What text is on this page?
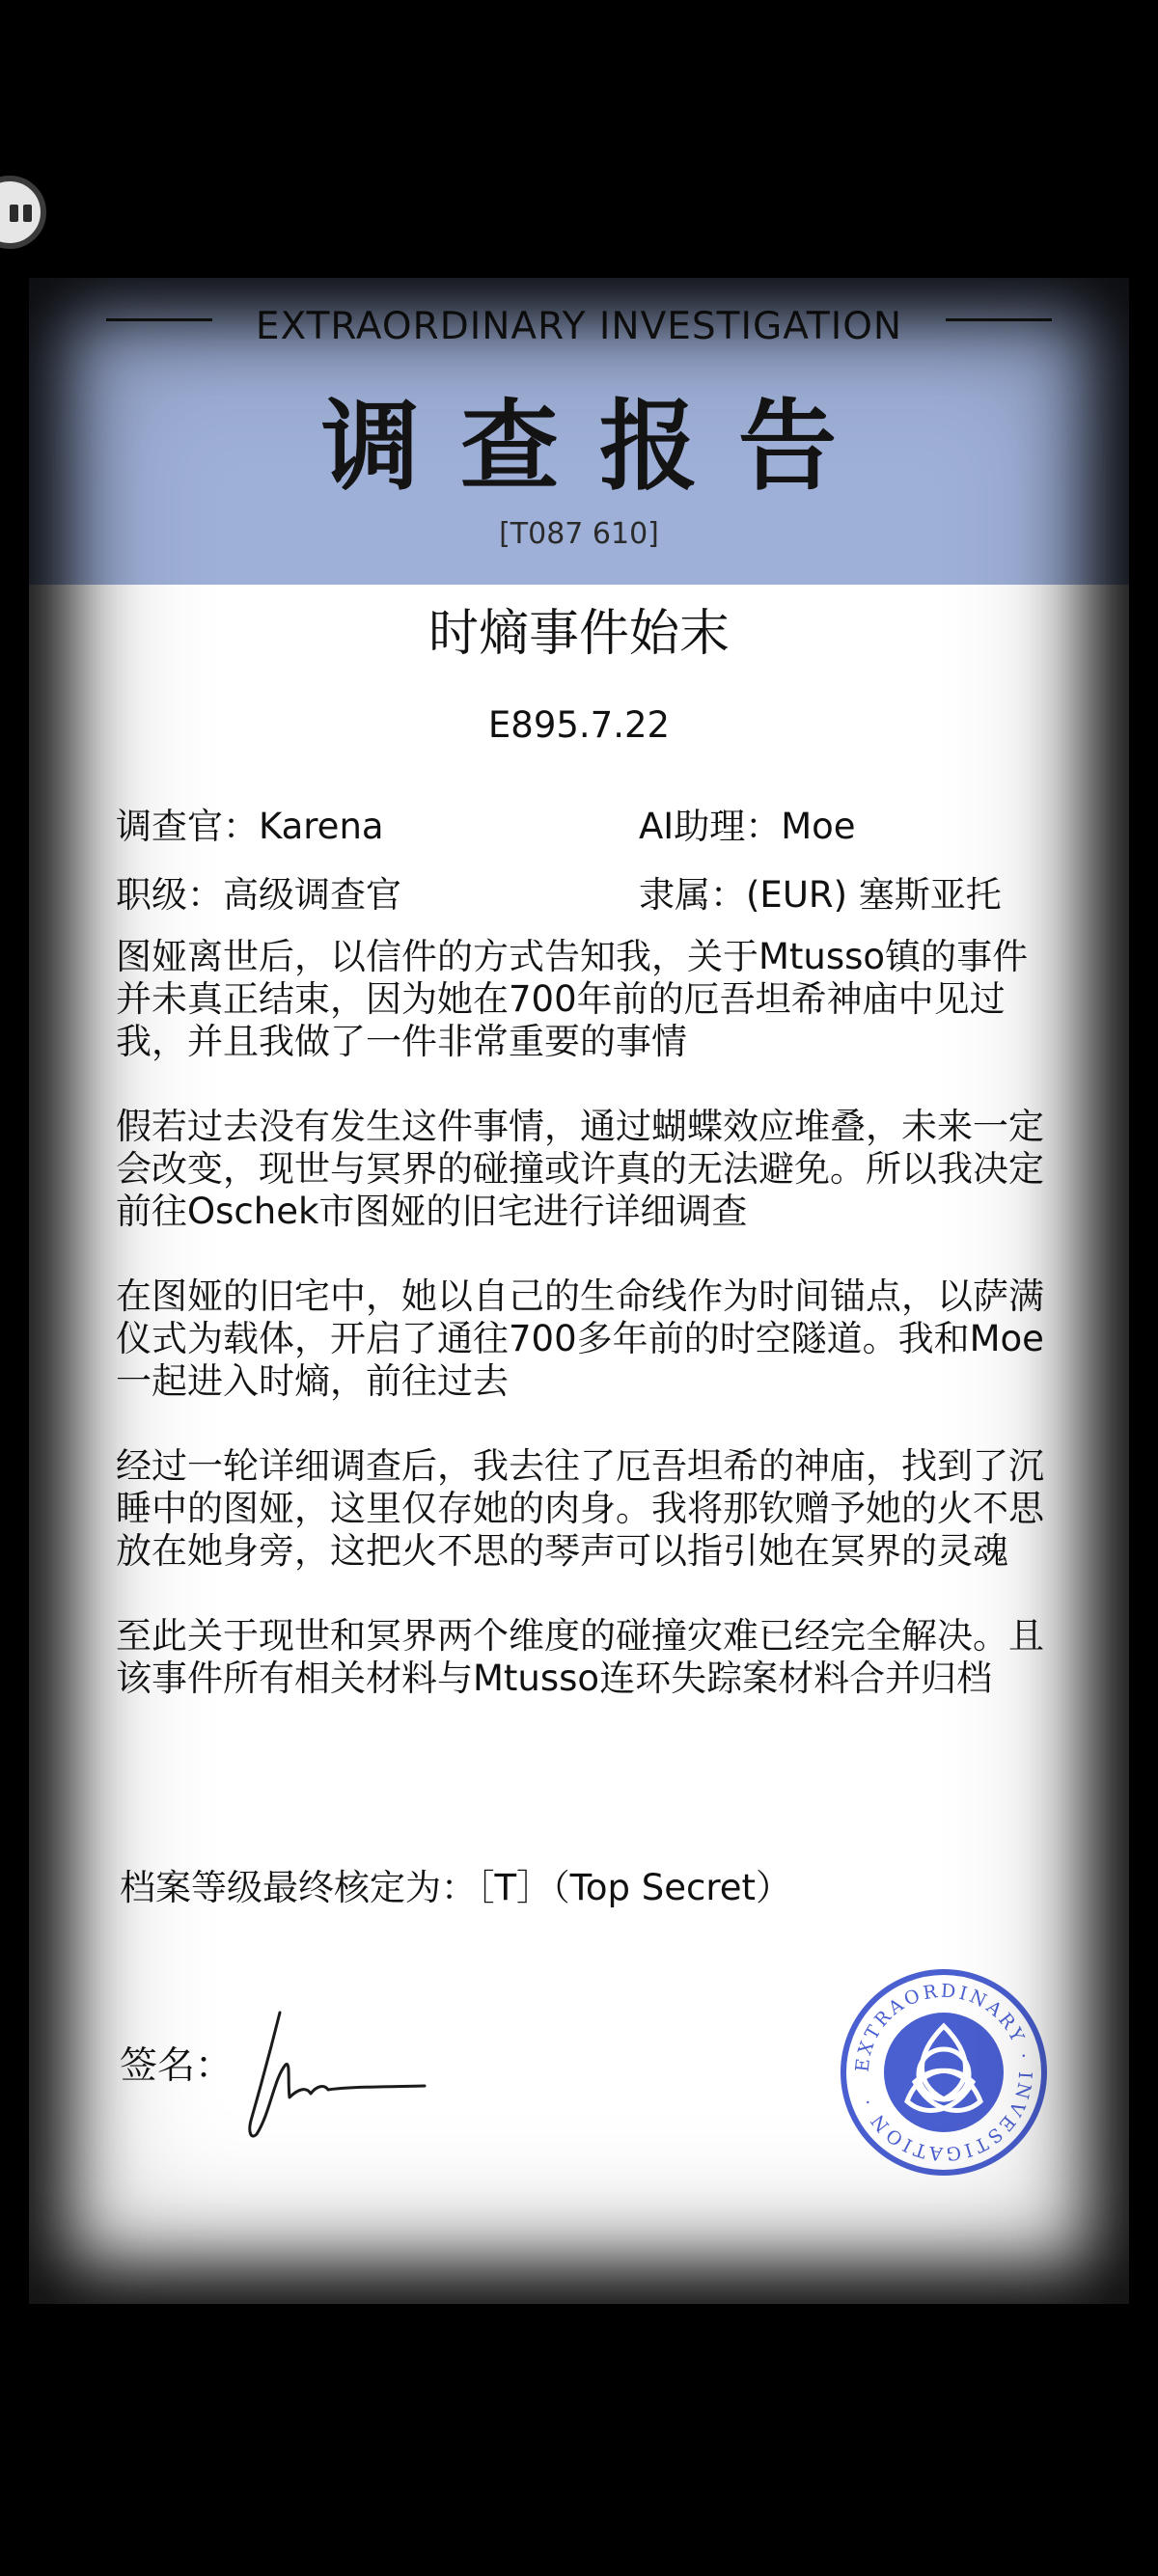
EXTRAORDINARY INVESTIGATION
调查报告
[T087 610]
时熵事件始末
E895.7.22
调查官：Karena	AI助理：Moe
职级：高级调查官	隶属：(EUR) 塞斯亚托

图娅离世后，以信件的方式告知我，关于Mtusso镇的事件并未真正结束，因为她在700年前的厄吾坦希神庙中见过我，并且我做了一件非常重要的事情

假若过去没有发生这件事情，通过蝴蝶效应堆叠，未来一定会改变，现世与冥界的碰撞或许真的无法避免。所以我决定前往Oschek市图娅的旧宅进行详细调查

在图娅的旧宅中，她以自己的生命线作为时间锚点，以萨满仪式为载体，开启了通往700多年前的时空隧道。我和Moe一起进入时熵，前往过去

经过一轮详细调查后，我去往了厄吾坦希的神庙，找到了沉睡中的图娅，这里仅存她的肉身。我将那钦赠予她的火不思放在她身旁，这把火不思的琴声可以指引她在冥界的灵魂

至此关于现世和冥界两个维度的碰撞灾难已经完全解决。且该事件所有相关材料与Mtusso连环失踪案材料合并归档

档案等级最终核定为：［T］（Top Secret）
签名：	EXTRAORDINARY · INVESTIGATION ·
